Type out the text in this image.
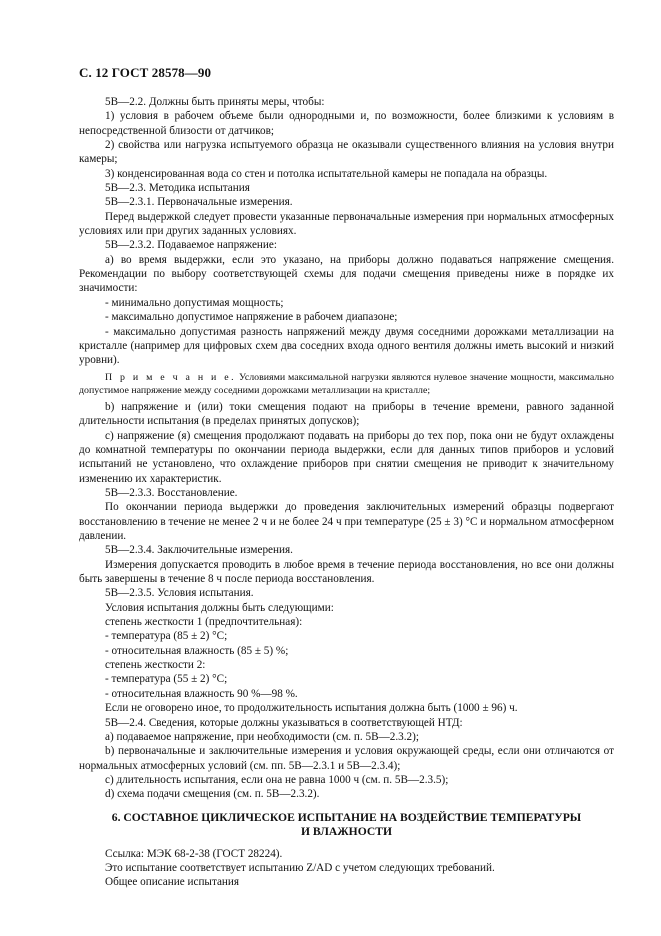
С. 12 ГОСТ 28578—90

5В—2.2. Должны быть приняты меры, чтобы:

1) условия в рабочем объеме были однородными и, по возможности, более близкими к условиям в непосредственной близости от датчиков;

2) свойства или нагрузка испытуемого образца не оказывали существенного влияния на условия внутри камеры;

3) конденсированная вода со стен и потолка испытательной камеры не попадала на образцы.

5В—2.3. Методика испытания

5В—2.3.1. Первоначальные измерения.

Перед выдержкой следует провести указанные первоначальные измерения при нормальных атмосферных условиях или при других заданных условиях.

5В—2.3.2. Подаваемое напряжение:

а) во время выдержки, если это указано, на приборы должно подаваться напряжение смещения. Рекомендации по выбору соответствующей схемы для подачи смещения приведены ниже в порядке их значимости:

- минимально допустимая мощность;

- максимально допустимое напряжение в рабочем диапазоне;

- максимально допустимая разность напряжений между двумя соседними дорожками металлизации на кристалле (например для цифровых схем два соседних входа одного вентиля должны иметь высокий и низкий уровни).

П р и м е ч а н и е. Условиями максимальной нагрузки являются нулевое значение мощности, максимально допустимое напряжение между соседними дорожками металлизации на кристалле;

b) напряжение и (или) токи смещения подают на приборы в течение времени, равного заданной длительности испытания (в пределах принятых допусков);

с) напряжение (я) смещения продолжают подавать на приборы до тех пор, пока они не будут охлаждены до комнатной температуры по окончании периода выдержки, если для данных типов приборов и условий испытаний не установлено, что охлаждение приборов при снятии смещения не приводит к значительному изменению их характеристик.

5В—2.3.3. Восстановление.

По окончании периода выдержки до проведения заключительных измерений образцы подвергают восстановлению в течение не менее 2 ч и не более 24 ч при температуре (25 ± 3) °С и нормальном атмосферном давлении.

5В—2.3.4. Заключительные измерения.

Измерения допускается проводить в любое время в течение периода восстановления, но все они должны быть завершены в течение 8 ч после периода восстановления.

5В—2.3.5. Условия испытания.

Условия испытания должны быть следующими:

степень жесткости 1 (предпочтительная):

- температура (85 ± 2) °С;

- относительная влажность (85 ± 5) %;

степень жесткости 2:

- температура (55 ± 2) °С;

- относительная влажность 90 %—98 %.

Если не оговорено иное, то продолжительность испытания должна быть (1000 ± 96) ч.

5В—2.4. Сведения, которые должны указываться в соответствующей НТД:

а) подаваемое напряжение, при необходимости (см. п. 5В—2.3.2);

b) первоначальные и заключительные измерения и условия окружающей среды, если они отличаются от нормальных атмосферных условий (см. пп. 5В—2.3.1 и 5В—2.3.4);

с) длительность испытания, если она не равна 1000 ч (см. п. 5В—2.3.5);

d) схема подачи смещения (см. п. 5В—2.3.2).

6. СОСТАВНОЕ ЦИКЛИЧЕСКОЕ ИСПЫТАНИЕ НА ВОЗДЕЙСТВИЕ ТЕМПЕРАТУРЫ
И ВЛАЖНОСТИ

Ссылка: МЭК 68-2-38 (ГОСТ 28224).

Это испытание соответствует испытанию Z/AD с учетом следующих требований.

Общее описание испытания
